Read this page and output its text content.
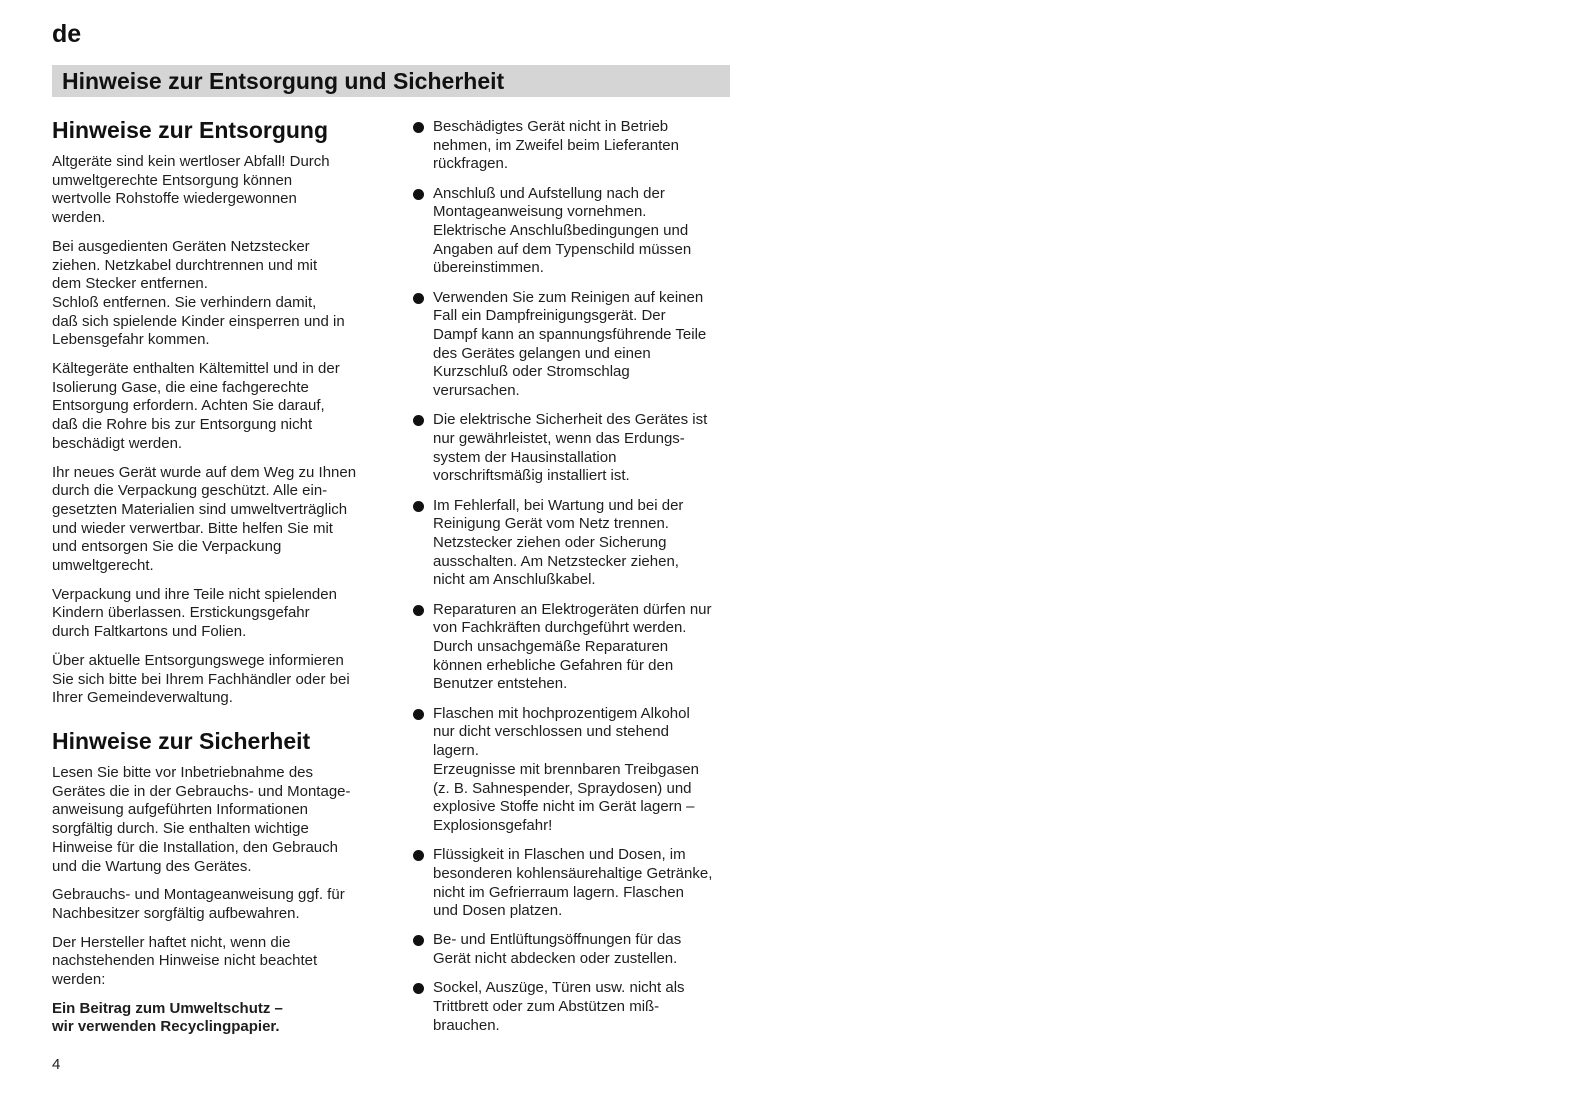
de
Hinweise zur Entsorgung und Sicherheit
Hinweise zur Entsorgung

Altgeräte sind kein wertloser Abfall! Durch
umweltgerechte Entsorgung können
wertvolle Rohstoffe wiedergewonnen
werden.

Bei ausgedienten Geräten Netzstecker
ziehen. Netzkabel durchtrennen und mit
dem Stecker entfernen.
Schloß entfernen. Sie verhindern damit,
daß sich spielende Kinder einsperren und in
Lebensgefahr kommen.

Kältegeräte enthalten Kältemittel und in der
Isolierung Gase, die eine fachgerechte
Entsorgung erfordern. Achten Sie darauf,
daß die Rohre bis zur Entsorgung nicht
beschädigt werden.

Ihr neues Gerät wurde auf dem Weg zu Ihnen
durch die Verpackung geschützt. Alle ein-
gesetzten Materialien sind umweltverträglich
und wieder verwertbar. Bitte helfen Sie mit
und entsorgen Sie die Verpackung
umweltgerecht.

Verpackung und ihre Teile nicht spielenden
Kindern überlassen. Erstickungsgefahr
durch Faltkartons und Folien.

Über aktuelle Entsorgungswege informieren
Sie sich bitte bei Ihrem Fachhändler oder bei
Ihrer Gemeindeverwaltung.

Hinweise zur Sicherheit

Lesen Sie bitte vor Inbetriebnahme des
Gerätes die in der Gebrauchs- und Montage-
anweisung aufgeführten Informationen
sorgfältig durch. Sie enthalten wichtige
Hinweise für die Installation, den Gebrauch
und die Wartung des Gerätes.

Gebrauchs- und Montageanweisung ggf. für
Nachbesitzer sorgfältig aufbewahren.

Der Hersteller haftet nicht, wenn die
nachstehenden Hinweise nicht beachtet
werden:

Ein Beitrag zum Umweltschutz –
wir verwenden Recyclingpapier.

Beschädigtes Gerät nicht in Betrieb
nehmen, im Zweifel beim Lieferanten
rückfragen.
Anschluß und Aufstellung nach der
Montageanweisung vornehmen.
Elektrische Anschlußbedingungen und
Angaben auf dem Typenschild müssen
übereinstimmen.
Verwenden Sie zum Reinigen auf keinen
Fall ein Dampfreinigungsgerät. Der
Dampf kann an spannungsführende Teile
des Gerätes gelangen und einen
Kurzschluß oder Stromschlag
verursachen.
Die elektrische Sicherheit des Gerätes ist
nur gewährleistet, wenn das Erdungs-
system der Hausinstallation
vorschriftsmäßig installiert ist.
Im Fehlerfall, bei Wartung und bei der
Reinigung Gerät vom Netz trennen.
Netzstecker ziehen oder Sicherung
ausschalten. Am Netzstecker ziehen,
nicht am Anschlußkabel.
Reparaturen an Elektrogeräten dürfen nur
von Fachkräften durchgeführt werden.
Durch unsachgemäße Reparaturen
können erhebliche Gefahren für den
Benutzer entstehen.
Flaschen mit hochprozentigem Alkohol
nur dicht verschlossen und stehend
lagern.
Erzeugnisse mit brennbaren Treibgasen
(z. B. Sahnespender, Spraydosen) und
explosive Stoffe nicht im Gerät lagern –
Explosionsgefahr!
Flüssigkeit in Flaschen und Dosen, im
besonderen kohlensäurehaltige Getränke,
nicht im Gefrierraum lagern. Flaschen
und Dosen platzen.
Be- und Entlüftungsöffnungen für das
Gerät nicht abdecken oder zustellen.
Sockel, Auszüge, Türen usw. nicht als
Trittbrett oder zum Abstützen miß-
brauchen.
4
